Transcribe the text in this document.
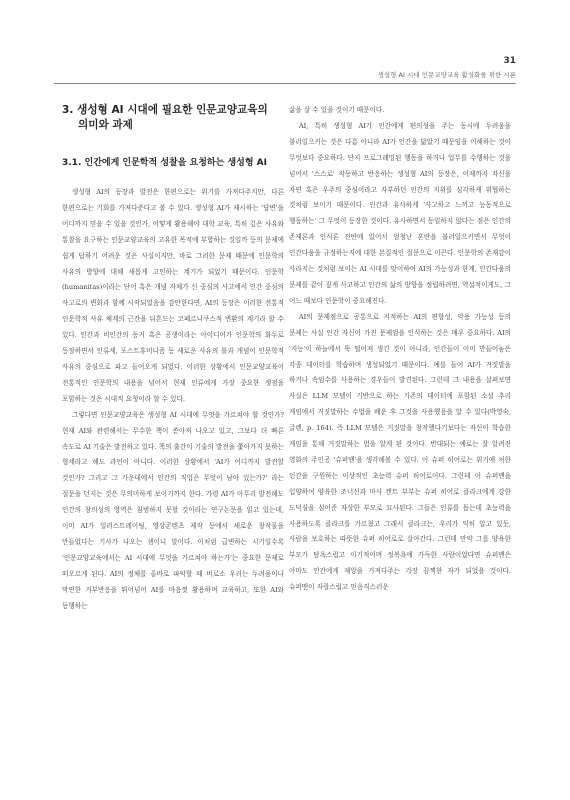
31
생성형 AI 시대 인문교양교육 활성화를 위한 시론
3. 생성형 AI 시대에 필요한 인문교양교육의
의미와 과제
3.1. 인간에게 인문학적 성찰을 요청하는 생성형 AI

생성형 AI의 등장과 발전은 한편으로는 위기를 가져다주지만, 다른 한편으로는 기회를 가져다준다고 볼 수 있다. 생성형 AI가 제시하는 '답변'을 어디까지 믿을 수 있을 것인가, 어떻게 활용해야 대학 교육, 특히 깊은 사유와 통찰을 요구하는 인문교양교육의 고유한 목적에 부합하는 것일까 등의 문제에 쉽게 답하기 어려운 것은 사실이지만, 바로 그러한 문제 때문에 인문학의 사유의 방향에 대해 새롭게 고민하는 계기가 되었기 때문이다. 인문학(humanitas)이라는 단어 혹은 개념 자체가 신 중심의 사고에서 인간 중심의 사고로의 변화과 함께 시작되었음을 감안한다면, AI의 등장은 이러한 전통적 인문학적 사유 체계의 근간을 뒤흔드는 코페르니쿠스적 변환의 계기라 할 수 있다. 인간과 비인간의 동거 혹은 공생이라는 아이디어가 인문학의 화두로 등장하면서 인류세, 포스트휴머니즘 등 새로운 사유의 틀과 개념이 인문학적 사유의 중심으로 파고 들어오게 되었다. 이러한 상황에서 인문교양교육이 전통적인 인문학의 내용을 넘어서 현재 인류에게 가장 중요한 쟁점을 포함하는 것은 시대적 요청이라 할 수 있다.

그렇다면 인문교양교육은 생성형 AI 시대에 무엇을 가르쳐야 할 것인가? 현재 AI와 관련해서는 무수한 책이 쏟아져 나오고 있고, 그보다 더 빠른 속도로 AI 기술은 발전하고 있다. 책의 출간이 기술의 발전을 쫓아가지 못하는 형세라고 해도 과언이 아니다. 이러한 상황에서 'AI가 어디까지 발전할 것인가? 그리고 그 가운데에서 인간의 직업은 무엇이 남아 있는가?' 라는 질문을 던지는 것은 무의미하게 보이기까지 한다. 가령 AI가 아무리 발전해도 인간의 창의성의 영역은 침범하지 못할 것이라는 연구논문을 읽고 있는데, 이미 AI가 일러스트레이팅, 영상콘텐츠 제작 등에서 새로운 창작물을 만들었다는 기사가 나오는 셈이니 말이다. 이처럼 급변하는 시기일수록 '인문교양교육에서는 AI 시대에 무엇을 가르쳐야 하는가'는 중요한 문제로 떠오르게 된다. AI의 정체를 올바로 파악할 때 비로소 우리는 두려움이나 막연한 거부반응을 뛰어넘어 AI를 마음껏 활용하며 교육하고, 또한 AI와 동행하는

삶을 살 수 있을 것이기 때문이다.

AI, 특히 생성형 AI가 인간에게 편의성을 주는 동시에 두려움을 불러일으키는 것은 다름 아니라 AI가 인간을 닮았기 때문임을 이해하는 것이 무엇보다 중요하다. 단지 프로그래밍된 행동을 하거나 업무를 수행하는 것을 넘어서 '스스로' 작동하고 반응하는 생성형 AI의 등장은, 이제까지 자신을 자연 혹은 우주의 중심이라고 자부하던 인간의 지위를 심각하게 위협하는 것처럼 보이기 때문이다. 인간과 유사하게 '사고하고 느끼고 능동적으로 행동하는' 그 무엇이 등장한 것이다. 유사하면서 동일하지 않다는 점은 인간의 존재론과 인식론 전반에 있어서 엄청난 혼란을 불러일으키면서 무엇이 인간다움을 규정하는지에 대한 본질적인 질문으로 이끈다. 인문학의 존재감이 사라지는 것처럼 보이는 AI 시대를 맞이하여 AI의 가능성과 한계, 인간다움의 문제를 같이 짚게 사고하고 인간의 삶의 방향을 정립하려면, 역설적이게도, 그 어느 때보다 인문학이 중요해진다.

AI의 문제점으로 공통으로 지적하는 AI의 편향성, 악용 가능성 등의 문제는 사실 인간 자신이 가진 문제임을 인식하는 것은 매우 중요하다. AI의 '지능'이 하늘에서 뚝 떨어져 생긴 것이 아니라, 인간들이 이미 만들어놓은 각종 데이터를 학습하며 생성되었기 때문이다. 예를 들어 AI가 거짓말을 하거나 속임수를 사용하는 경우들이 발견된다. 그런데 그 내용을 살펴보면 사실은 LLM 모델이 기반으로 하는 기존의 데이터에 포함된 소설 추리 게임에서 거짓말하는 수법을 배운 후 그것을 사용했음을 알 수 있다(박영숙, 글렌, p. 164). 즉 LLM 모델은 거짓말을 창작했다기보다는 자신이 학습한 게임을 통해 거짓말하는 법을 알게 된 것이다. 반대되는 예로는 잘 알려진 영화의 주인공 '슈퍼맨'을 생각해볼 수 있다. 이 슈퍼 히어로는 위기에 처한 인간을 구원하는 이상적인 초능력 슈퍼 히어로이다. 그런데 이 슈퍼맨을 입양하여 양육한 조너선과 마사 켄트 부부는 슈퍼 히어로 클라크에게 강한 도덕심을 심어준 자상한 부모로 묘사된다. 그들은 인류를 돕는데 초능력을 사용하도록 클라크를 가르쳤고 그래서 클라크는, 우리가 익히 알고 있듯, 사람을 보호하는 따뜻한 슈퍼 히어로로 살아간다. 그런데 만약 그를 양육한 부모가 탐욕스럽고 이기적이며 정복욕에 가득한 사람이었다면 슈퍼맨은 아마도 인간에게 재앙을 가져다주는 가장 끔찍한 자가 되었을 것이다. 슈퍼맨이 자랑스럽고 믿음직스러운
